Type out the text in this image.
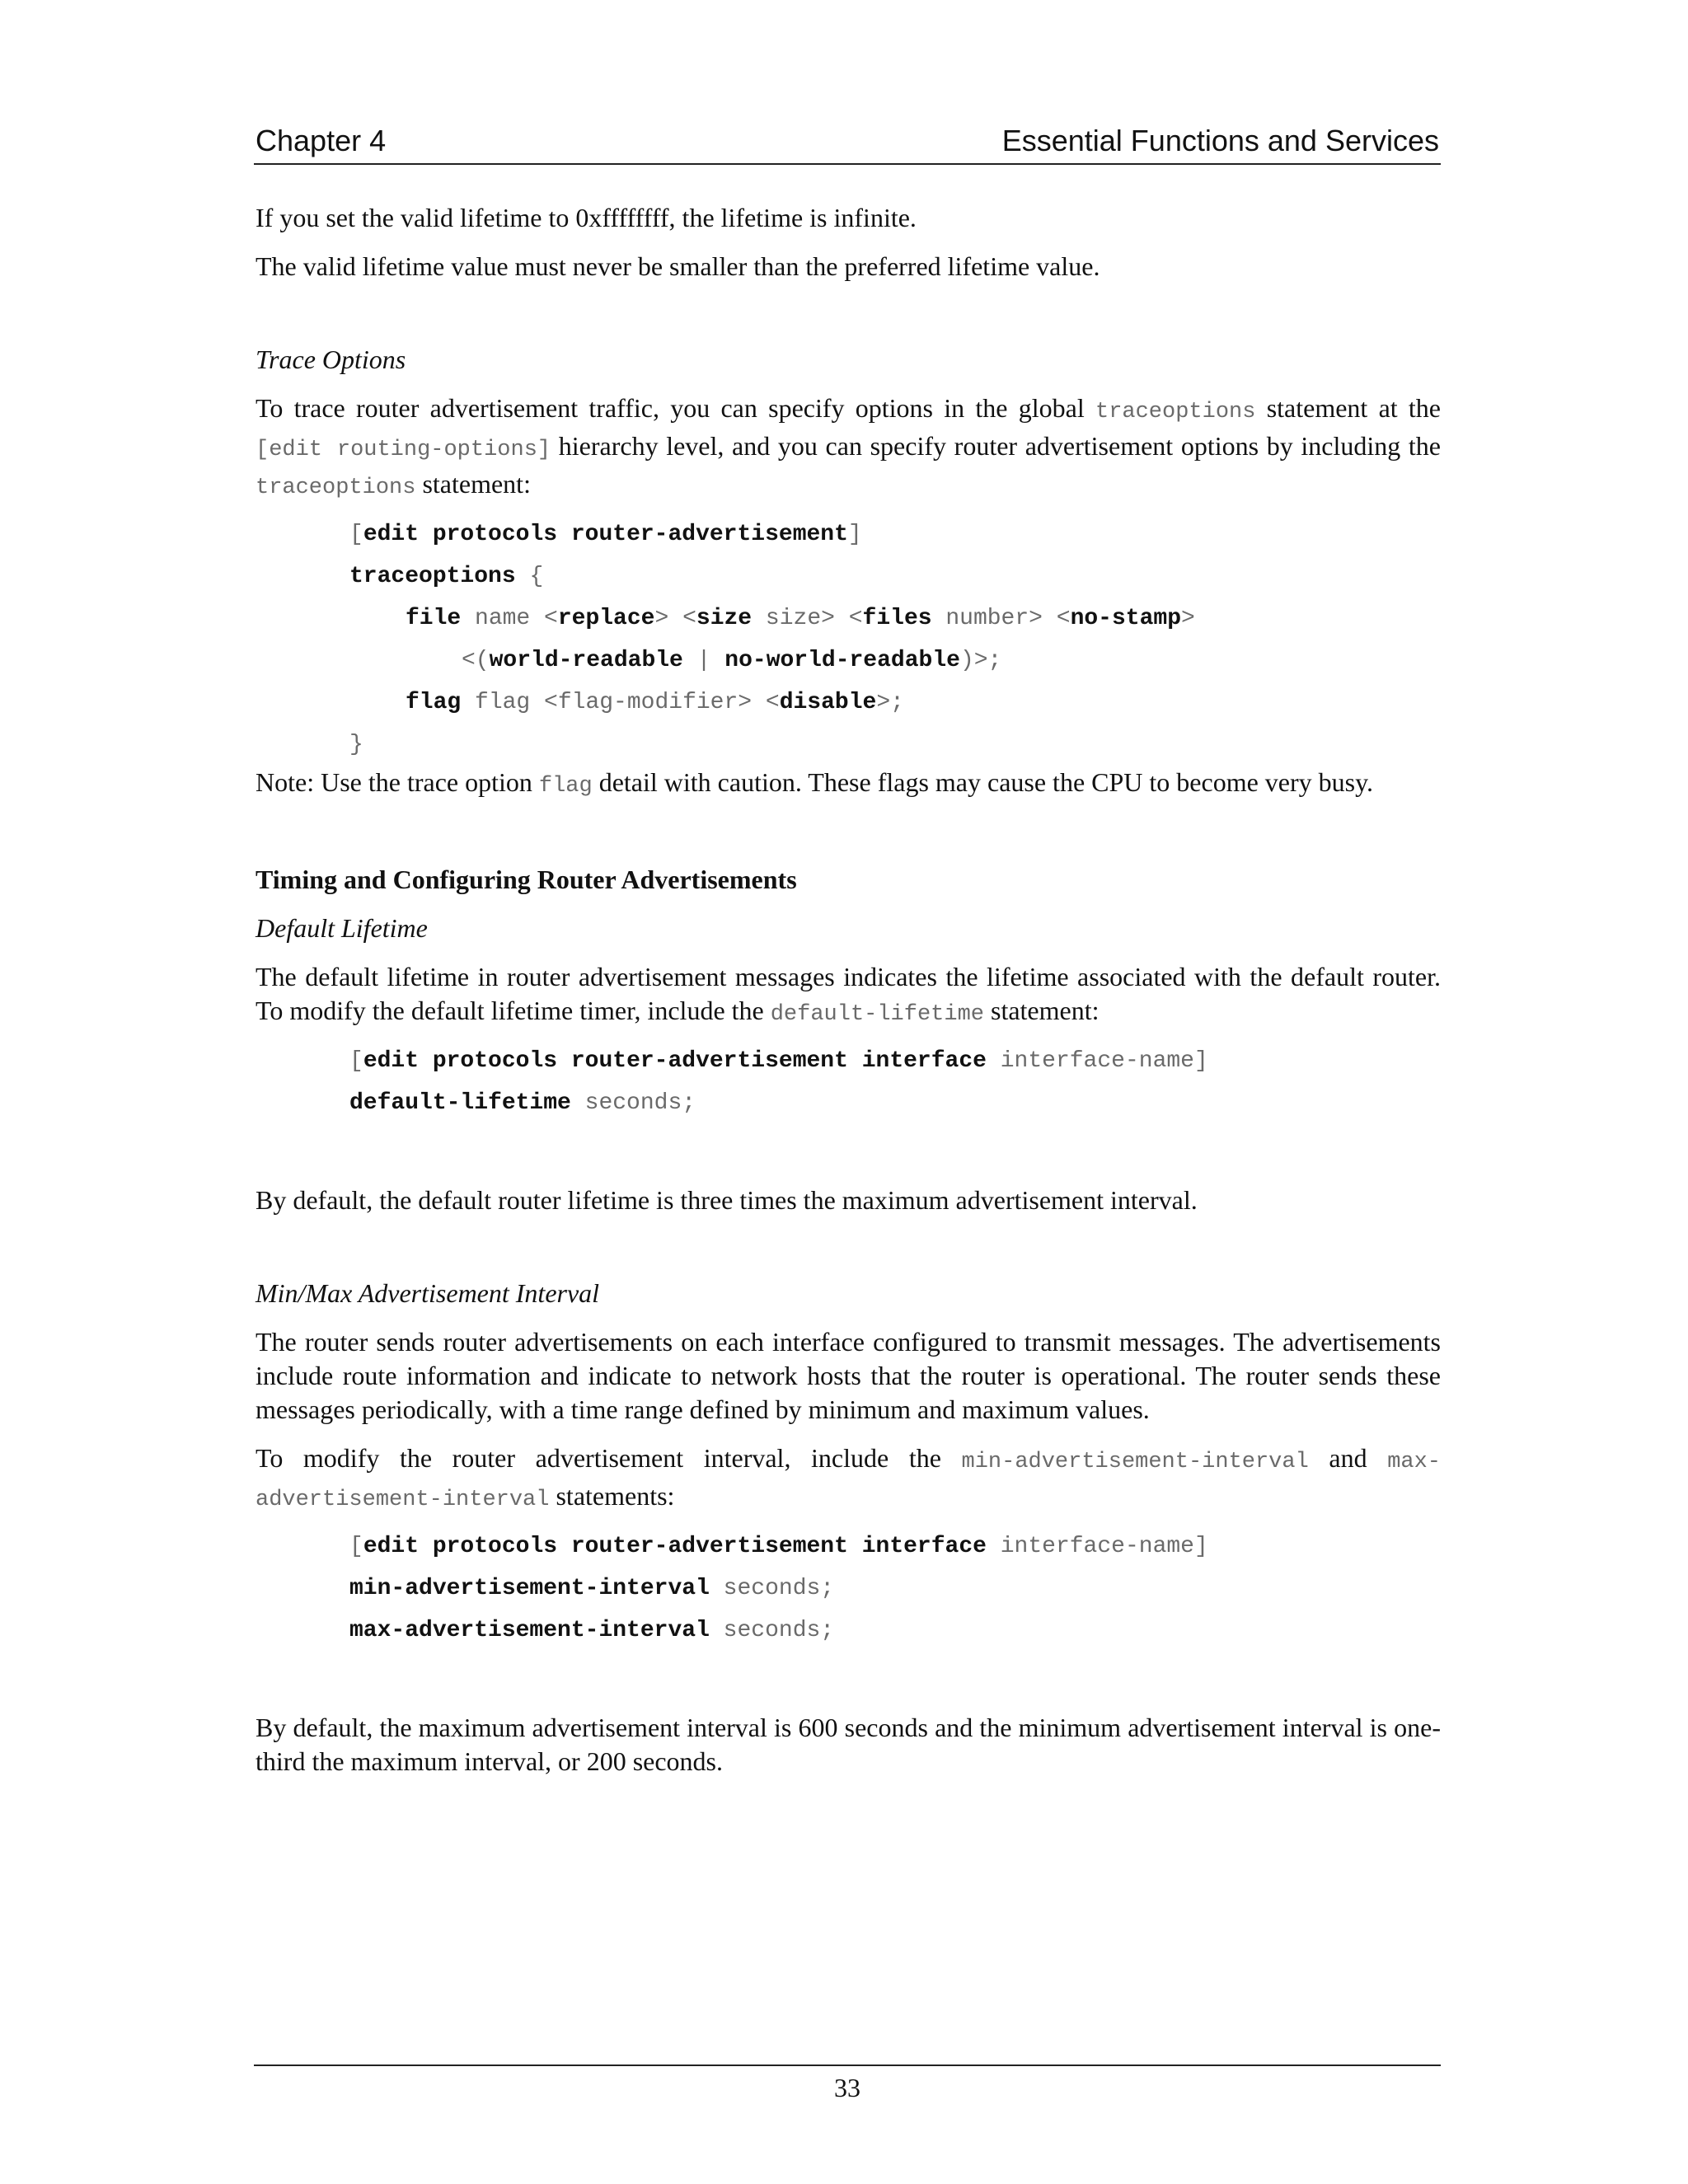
Chapter 4	Essential Functions and Services

If you set the valid lifetime to 0xffffffff, the lifetime is infinite.

The valid lifetime value must never be smaller than the preferred lifetime value.

Trace Options

To trace router advertisement traffic, you can specify options in the global traceoptions statement at the [edit routing-options] hierarchy level, and you can specify router advertisement options by including the traceoptions statement:

[edit protocols router-advertisement]
traceoptions {
file name <replace> <size size> <files number> <no-stamp>
<(world-readable | no-world-readable)>;
flag flag <flag-modifier> <disable>;
}

Note: Use the trace option flag detail with caution. These flags may cause the CPU to become very busy.

Timing and Configuring Router Advertisements

Default Lifetime

The default lifetime in router advertisement messages indicates the lifetime associated with the default router. To modify the default lifetime timer, include the default-lifetime statement:

[edit protocols router-advertisement interface interface-name]
default-lifetime seconds;

By default, the default router lifetime is three times the maximum advertisement interval.

Min/Max Advertisement Interval

The router sends router advertisements on each interface configured to transmit messages. The advertisements include route information and indicate to network hosts that the router is operational. The router sends these messages periodically, with a time range defined by minimum and maximum values.

To modify the router advertisement interval, include the min-advertisement-interval and max-advertisement-interval statements:

[edit protocols router-advertisement interface interface-name]
min-advertisement-interval seconds;
max-advertisement-interval seconds;

By default, the maximum advertisement interval is 600 seconds and the minimum advertisement interval is one-third the maximum interval, or 200 seconds.

33
